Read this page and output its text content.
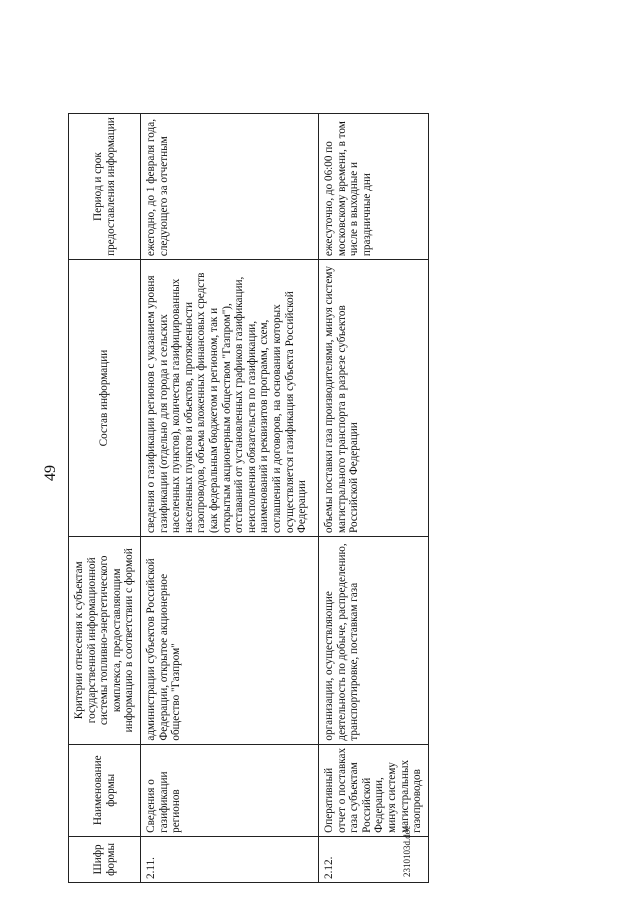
49
Шифр формы	Наименование формы	Критерии отнесения к субъектам государственной информационной системы топливно-энергетического комплекса, предоставляющим информацию в соответствии с формой	Состав информации	Период и срок предоставления информации
2.11.	Сведения о газификации регионов	администрации субъектов Российской Федерации, открытое акционерное общество "Газпром"	сведения о газификации регионов с указанием уровня газификации (отдельно для города и сельских населенных пунктов), количества газифицированных населенных пунктов и объектов, протяженности газопроводов, объема вложенных финансовых средств (как федеральным бюджетом и регионом, так и открытым акционерным обществом "Газпром"), отставаний от установленных графиков газификации, неисполнения обязательств по газификации, наименований и реквизитов программ, схем, соглашений и договоров, на основании которых осуществляется газификация субъекта Российской Федерации	ежегодно, до 1 февраля года, следующего за отчетным
2.12.	Оперативный отчет о поставках газа субъектам Российской Федерации, минуя систему магистральных газопроводов	организации, осуществляющие деятельность по добыче, распределению, транспортировке, поставкам газа	объемы поставки газа производителями, минуя систему магистрального транспорта в разрезе субъектов Российской Федерации	ежесуточно, до 06:00 по московскому времени, в том числе в выходные и праздничные дни
2310103d.doc
